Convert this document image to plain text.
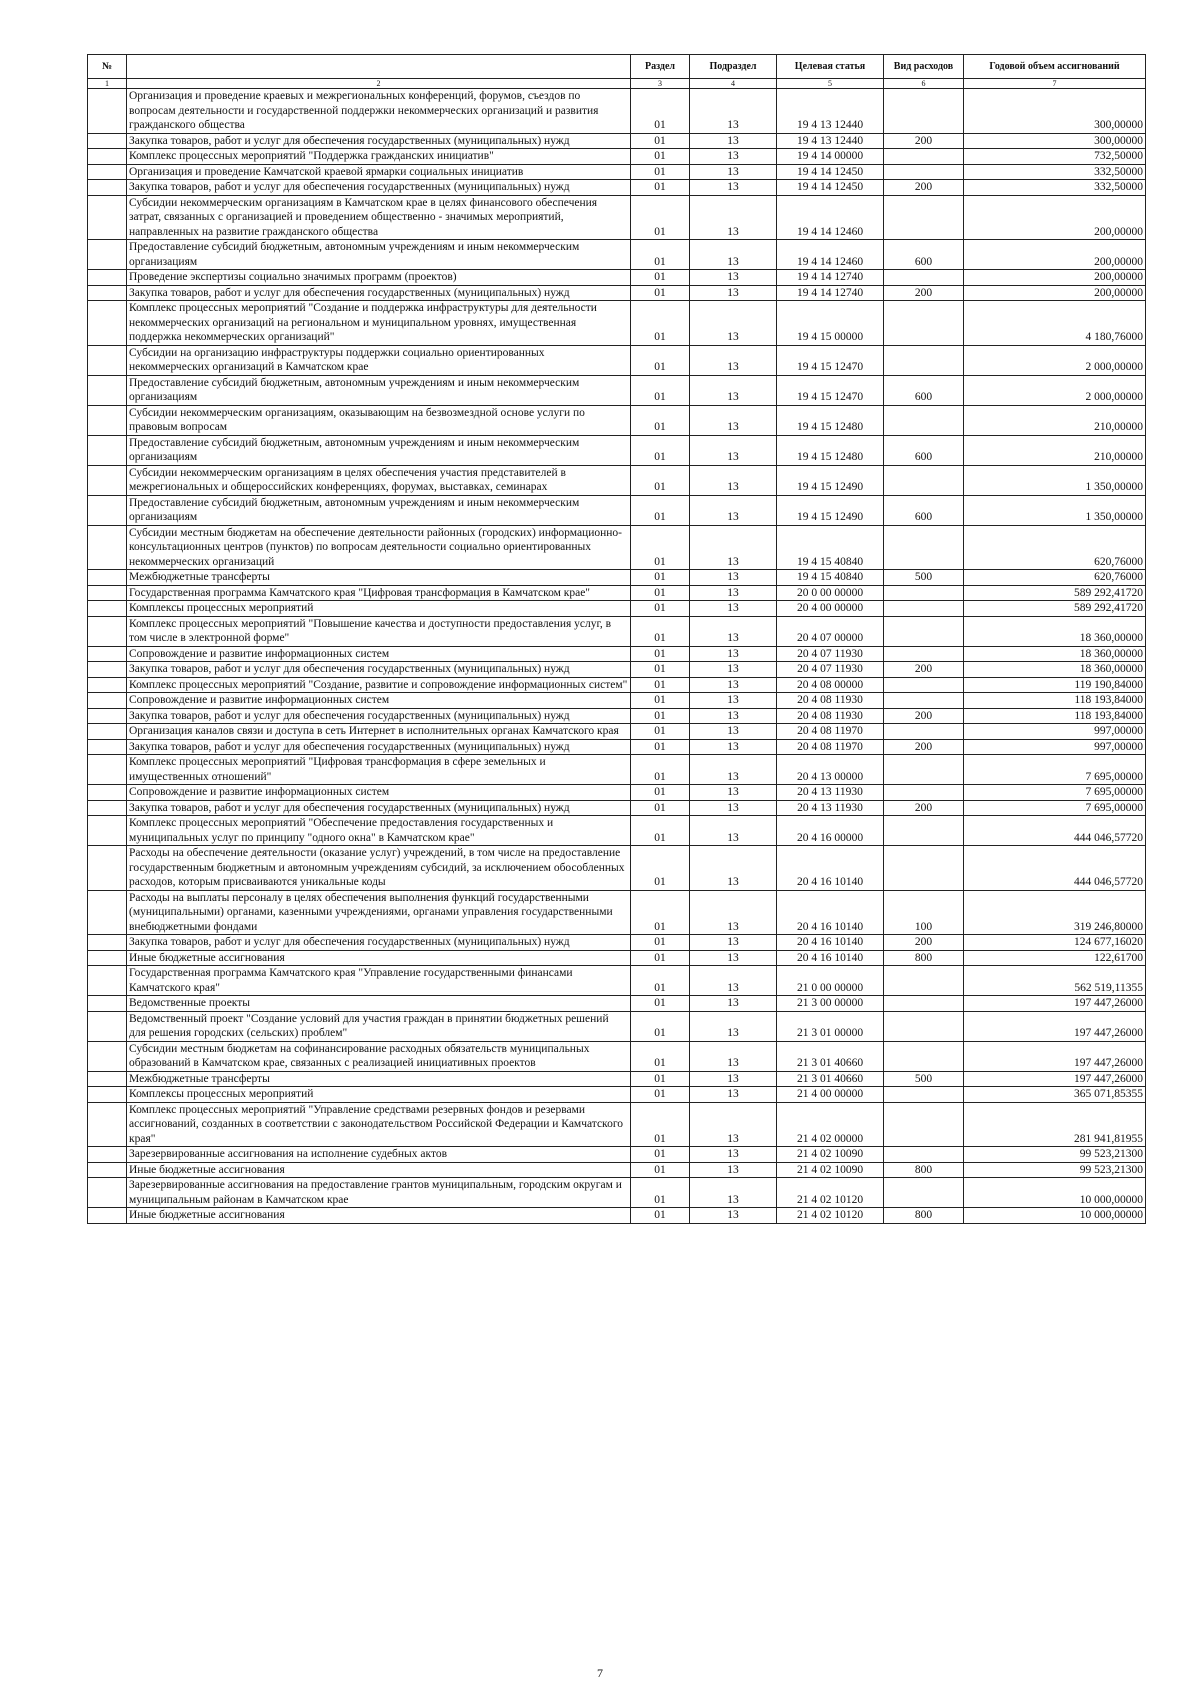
№		Раздел	Подраздел	Целевая статья	Вид расходов	Годовой объем ассигнований
1	2	3	4	5	6	7
	Организация и проведение краевых и межрегиональных конференций, форумов, съездов по вопросам деятельности и государственной поддержки некоммерческих организаций и развития гражданского общества	01	13	19 4 13 12440		300,00000
	Закупка товаров, работ и услуг для обеспечения государственных (муниципальных) нужд	01	13	19 4 13 12440	200	300,00000
	Комплекс процессных мероприятий "Поддержка гражданских инициатив"	01	13	19 4 14 00000		732,50000
	Организация и проведение Камчатской краевой ярмарки социальных инициатив	01	13	19 4 14 12450		332,50000
	Закупка товаров, работ и услуг для обеспечения государственных (муниципальных) нужд	01	13	19 4 14 12450	200	332,50000
	Субсидии некоммерческим организациям в Камчатском крае в целях финансового обеспечения затрат, связанных с организацией и проведением общественно - значимых мероприятий, направленных на развитие гражданского общества	01	13	19 4 14 12460		200,00000
	Предоставление субсидий бюджетным, автономным учреждениям и иным некоммерческим организациям	01	13	19 4 14 12460	600	200,00000
	Проведение экспертизы социально значимых программ (проектов)	01	13	19 4 14 12740		200,00000
	Закупка товаров, работ и услуг для обеспечения государственных (муниципальных) нужд	01	13	19 4 14 12740	200	200,00000
	Комплекс процессных мероприятий "Создание и поддержка инфраструктуры для деятельности некоммерческих организаций на региональном и муниципальном уровнях, имущественная поддержка некоммерческих организаций"	01	13	19 4 15 00000		4 180,76000
	Субсидии на организацию инфраструктуры поддержки социально ориентированных некоммерческих организаций в Камчатском крае	01	13	19 4 15 12470		2 000,00000
	Предоставление субсидий бюджетным, автономным учреждениям и иным некоммерческим организациям	01	13	19 4 15 12470	600	2 000,00000
	Субсидии некоммерческим организациям, оказывающим на безвозмездной основе услуги по правовым вопросам	01	13	19 4 15 12480		210,00000
	Предоставление субсидий бюджетным, автономным учреждениям и иным некоммерческим организациям	01	13	19 4 15 12480	600	210,00000
	Субсидии некоммерческим организациям в целях обеспечения участия представителей в межрегиональных и общероссийских конференциях, форумах, выставках, семинарах	01	13	19 4 15 12490		1 350,00000
	Предоставление субсидий бюджетным, автономным учреждениям и иным некоммерческим организациям	01	13	19 4 15 12490	600	1 350,00000
	Субсидии местным бюджетам на обеспечение деятельности районных (городских) информационно-консультационных центров (пунктов) по вопросам деятельности социально ориентированных некоммерческих организаций	01	13	19 4 15 40840		620,76000
	Межбюджетные трансферты	01	13	19 4 15 40840	500	620,76000
	Государственная программа Камчатского края "Цифровая трансформация в Камчатском крае"	01	13	20 0 00 00000		589 292,41720
	Комплексы процессных мероприятий	01	13	20 4 00 00000		589 292,41720
	Комплекс процессных мероприятий "Повышение качества и доступности предоставления услуг, в том числе в электронной форме"	01	13	20 4 07 00000		18 360,00000
	Сопровождение и развитие информационных систем	01	13	20 4 07 11930		18 360,00000
	Закупка товаров, работ и услуг для обеспечения государственных (муниципальных) нужд	01	13	20 4 07 11930	200	18 360,00000
	Комплекс процессных мероприятий "Создание, развитие и сопровождение информационных систем"	01	13	20 4 08 00000		119 190,84000
	Сопровождение и развитие информационных систем	01	13	20 4 08 11930		118 193,84000
	Закупка товаров, работ и услуг для обеспечения государственных (муниципальных) нужд	01	13	20 4 08 11930	200	118 193,84000
	Организация каналов связи и доступа в сеть Интернет в исполнительных органах Камчатского края	01	13	20 4 08 11970		997,00000
	Закупка товаров, работ и услуг для обеспечения государственных (муниципальных) нужд	01	13	20 4 08 11970	200	997,00000
	Комплекс процессных мероприятий "Цифровая трансформация в сфере земельных и имущественных отношений"	01	13	20 4 13 00000		7 695,00000
	Сопровождение и развитие информационных систем	01	13	20 4 13 11930		7 695,00000
	Закупка товаров, работ и услуг для обеспечения государственных (муниципальных) нужд	01	13	20 4 13 11930	200	7 695,00000
	Комплекс процессных мероприятий "Обеспечение предоставления государственных и муниципальных услуг по принципу "одного окна" в Камчатском крае"	01	13	20 4 16 00000		444 046,57720
	Расходы на обеспечение деятельности (оказание услуг) учреждений, в том числе на предоставление государственным бюджетным и автономным учреждениям субсидий, за исключением обособленных расходов, которым присваиваются уникальные коды	01	13	20 4 16 10140		444 046,57720
	Расходы на выплаты персоналу в целях обеспечения выполнения функций государственными (муниципальными) органами, казенными учреждениями, органами управления государственными внебюджетными фондами	01	13	20 4 16 10140	100	319 246,80000
	Закупка товаров, работ и услуг для обеспечения государственных (муниципальных) нужд	01	13	20 4 16 10140	200	124 677,16020
	Иные бюджетные ассигнования	01	13	20 4 16 10140	800	122,61700
	Государственная программа Камчатского края "Управление государственными финансами Камчатского края"	01	13	21 0 00 00000		562 519,11355
	Ведомственные проекты	01	13	21 3 00 00000		197 447,26000
	Ведомственный проект "Создание условий для участия граждан в принятии бюджетных решений для решения городских (сельских) проблем"	01	13	21 3 01 00000		197 447,26000
	Субсидии местным бюджетам на софинансирование расходных обязательств муниципальных образований в Камчатском крае, связанных с реализацией инициативных проектов	01	13	21 3 01 40660		197 447,26000
	Межбюджетные трансферты	01	13	21 3 01 40660	500	197 447,26000
	Комплексы процессных мероприятий	01	13	21 4 00 00000		365 071,85355
	Комплекс процессных мероприятий "Управление средствами резервных фондов и резервами ассигнований, созданных в соответствии с законодательством Российской Федерации и Камчатского края"	01	13	21 4 02 00000		281 941,81955
	Зарезервированные ассигнования на исполнение судебных актов	01	13	21 4 02 10090		99 523,21300
	Иные бюджетные ассигнования	01	13	21 4 02 10090	800	99 523,21300
	Зарезервированные ассигнования на предоставление грантов муниципальным, городским округам и муниципальным районам в Камчатском крае	01	13	21 4 02 10120		10 000,00000
	Иные бюджетные ассигнования	01	13	21 4 02 10120	800	10 000,00000
7
